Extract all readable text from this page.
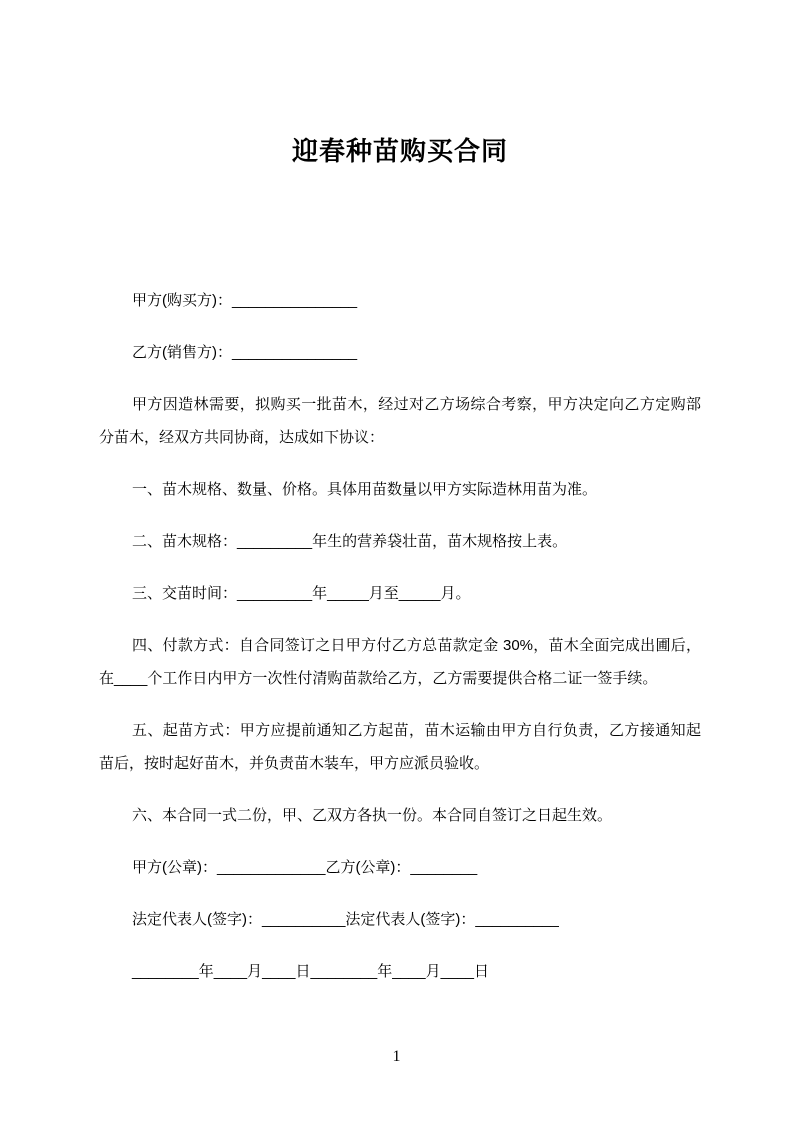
迎春种苗购买合同

甲方(购买方)：_______________

乙方(销售方)：_______________

甲方因造林需要，拟购买一批苗木，经过对乙方场综合考察，甲方决定向乙方定购部分苗木，经双方共同协商，达成如下协议：

一、苗木规格、数量、价格。具体用苗数量以甲方实际造林用苗为准。

二、苗木规格：_________年生的营养袋壮苗，苗木规格按上表。

三、交苗时间：_________年_____月至_____月。

四、付款方式：自合同签订之日甲方付乙方总苗款定金 30%，苗木全面完成出圃后，在____个工作日内甲方一次性付清购苗款给乙方，乙方需要提供合格二证一签手续。

五、起苗方式：甲方应提前通知乙方起苗，苗木运输由甲方自行负责，乙方接通知起苗后，按时起好苗木，并负责苗木装车，甲方应派员验收。

六、本合同一式二份，甲、乙双方各执一份。本合同自签订之日起生效。

甲方(公章)：_____________乙方(公章)：________

法定代表人(签字)：__________法定代表人(签字)：__________

________年____月____日________年____月____日

1
